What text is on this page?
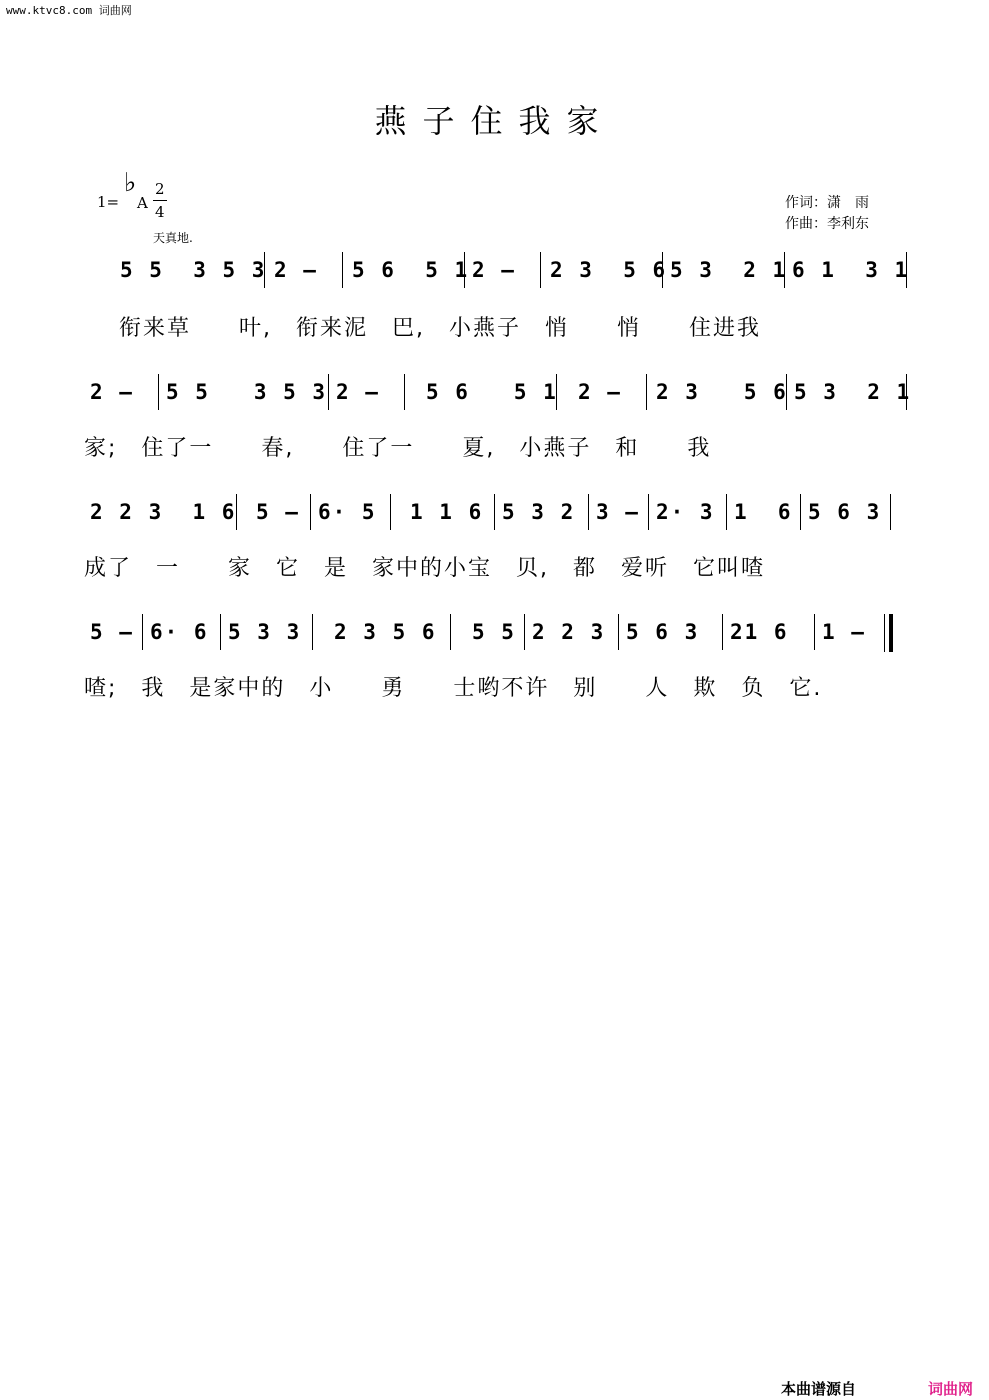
www.ktvc8.com 词曲网
燕子住我家
1=
♭
A
2
4
天真地.
作词：潇　雨
作曲：李利东
5 5  3 5 3 2 – 5 6  5 1 2 – 2 3  5 6 5 3  2 1 6 1  3 1
衔来草　　叶,　衔来泥　巴,　小燕子　悄　　悄　　住进我
2 – 5 5   3 5 3 2 – 5 6   5 1 2 – 2 3   5 6 5 3  2 1
家;　住了一　　春,　　住了一　　夏,　小燕子　和　　我
2 2 3  1 6 5 – 6· 5 1 1 6 5 3 2 3 – 2· 3 1  6 5 6 3
成了　一　　家　它　是　家中的小宝　贝,　都　爱听　它叫喳
5 – 6· 6 5 3 3 2 3 5 6 5 5 2 2 3 5 6 3 21 6 1 –
喳;　我　是家中的　小　　勇　　士哟不许　别　　人　欺　负　它.
本曲谱源自	词曲网
